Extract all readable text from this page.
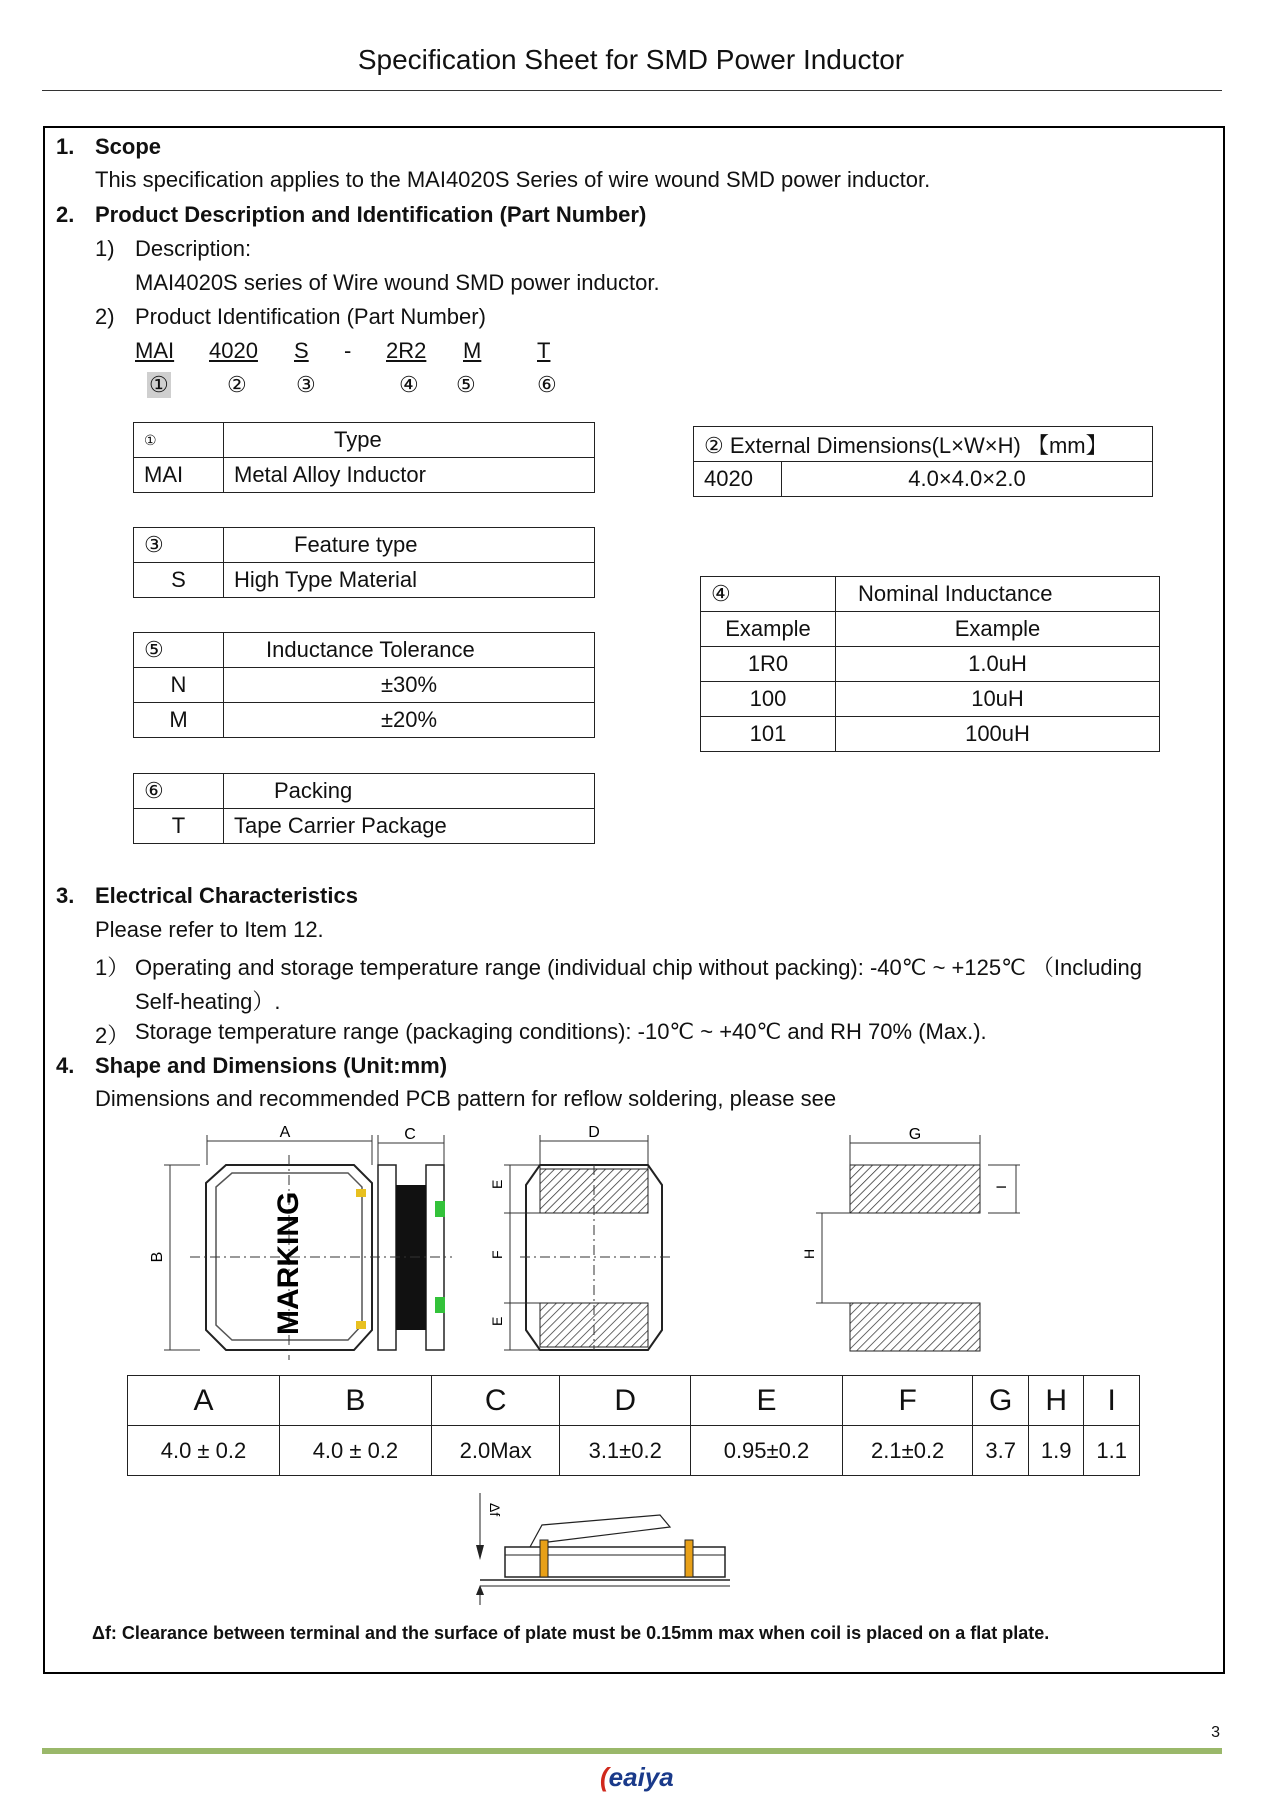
Specification Sheet for SMD Power Inductor
1. Scope
This specification applies to the MAI4020S Series of wire wound SMD power inductor.
2. Product Description and Identification (Part Number)
1) Description:
MAI4020S series of Wire wound SMD power inductor.
2) Product Identification (Part Number)
MAI 4020 S - 2R2 M	T
①	② ③	④ ⑤	⑥
①	Type
MAI	Metal Alloy Inductor
② External Dimensions(L×W×H) 【mm】
4020	4.0×4.0×2.0
③	Feature type
S	High Type Material
④	Nominal Inductance
Example	Example
1R0	1.0uH
100	10uH
101	100uH
⑤	Inductance Tolerance
N	±30%
M	±20%
⑥	Packing
T	Tape Carrier Package
3. Electrical Characteristics
Please refer to Item 12.
1） Operating and storage temperature range (individual chip without packing): -40℃ ~ +125℃ （Including
Self-heating）.
2） Storage temperature range (packaging conditions): -10℃ ~ +40℃ and RH 70% (Max.).
4. Shape and Dimensions (Unit:mm)
Dimensions and recommended PCB pattern for reflow soldering, please see
A
B	MARKING
C	D
E
F
E
G
I
H
A	B	C	D	E	F	G	H	I
4.0 ± 0.2	4.0 ± 0.2	2.0Max	3.1±0.2	0.95±0.2	2.1±0.2	3.7	1.9	1.1
Δf
Δf: Clearance between terminal and the surface of plate must be 0.15mm max when coil is placed on a flat plate.
3
(eaiya
